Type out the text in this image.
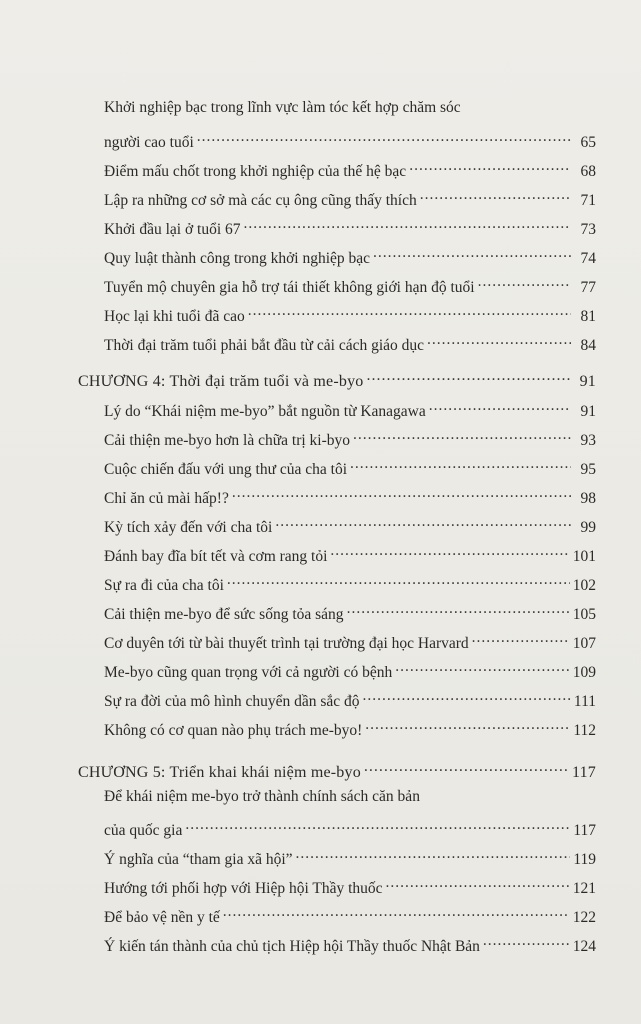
Khởi nghiệp bạc trong lĩnh vực làm tóc kết hợp chăm sóc
người cao tuổi .....	65
Điểm mấu chốt trong khởi nghiệp của thế hệ bạc .....	68
Lập ra những cơ sở mà các cụ ông cũng thấy thích .....	71
Khởi đầu lại ở tuổi 67 .....	73
Quy luật thành công trong khởi nghiệp bạc .....	74
Tuyển mộ chuyên gia hỗ trợ tái thiết không giới hạn độ tuổi .....	77
Học lại khi tuổi đã cao .....	81
Thời đại trăm tuổi phải bắt đầu từ cải cách giáo dục .....	84
CHƯƠNG 4: Thời đại trăm tuổi và me-byo .....	91
Lý do “Khái niệm me-byo” bắt nguồn từ Kanagawa .....	91
Cải thiện me-byo hơn là chữa trị ki-byo .....	93
Cuộc chiến đấu với ung thư của cha tôi .....	95
Chỉ ăn củ mài hấp!? .....	98
Kỳ tích xảy đến với cha tôi .....	99
Đánh bay đĩa bít tết và cơm rang tỏi .....	101
Sự ra đi của cha tôi .....	102
Cải thiện me-byo để sức sống tỏa sáng .....	105
Cơ duyên tới từ bài thuyết trình tại trường đại học Harvard .....	107
Me-byo cũng quan trọng với cả người có bệnh .....	109
Sự ra đời của mô hình chuyển dần sắc độ .....	111
Không có cơ quan nào phụ trách me-byo! .....	112
CHƯƠNG 5: Triển khai khái niệm me-byo .....	117
Để khái niệm me-byo trở thành chính sách căn bản
của quốc gia .....	117
Ý nghĩa của “tham gia xã hội” .....	119
Hướng tới phối hợp với Hiệp hội Thầy thuốc .....	121
Để bảo vệ nền y tế .....	122
Ý kiến tán thành của chủ tịch Hiệp hội Thầy thuốc Nhật Bản .....	124
